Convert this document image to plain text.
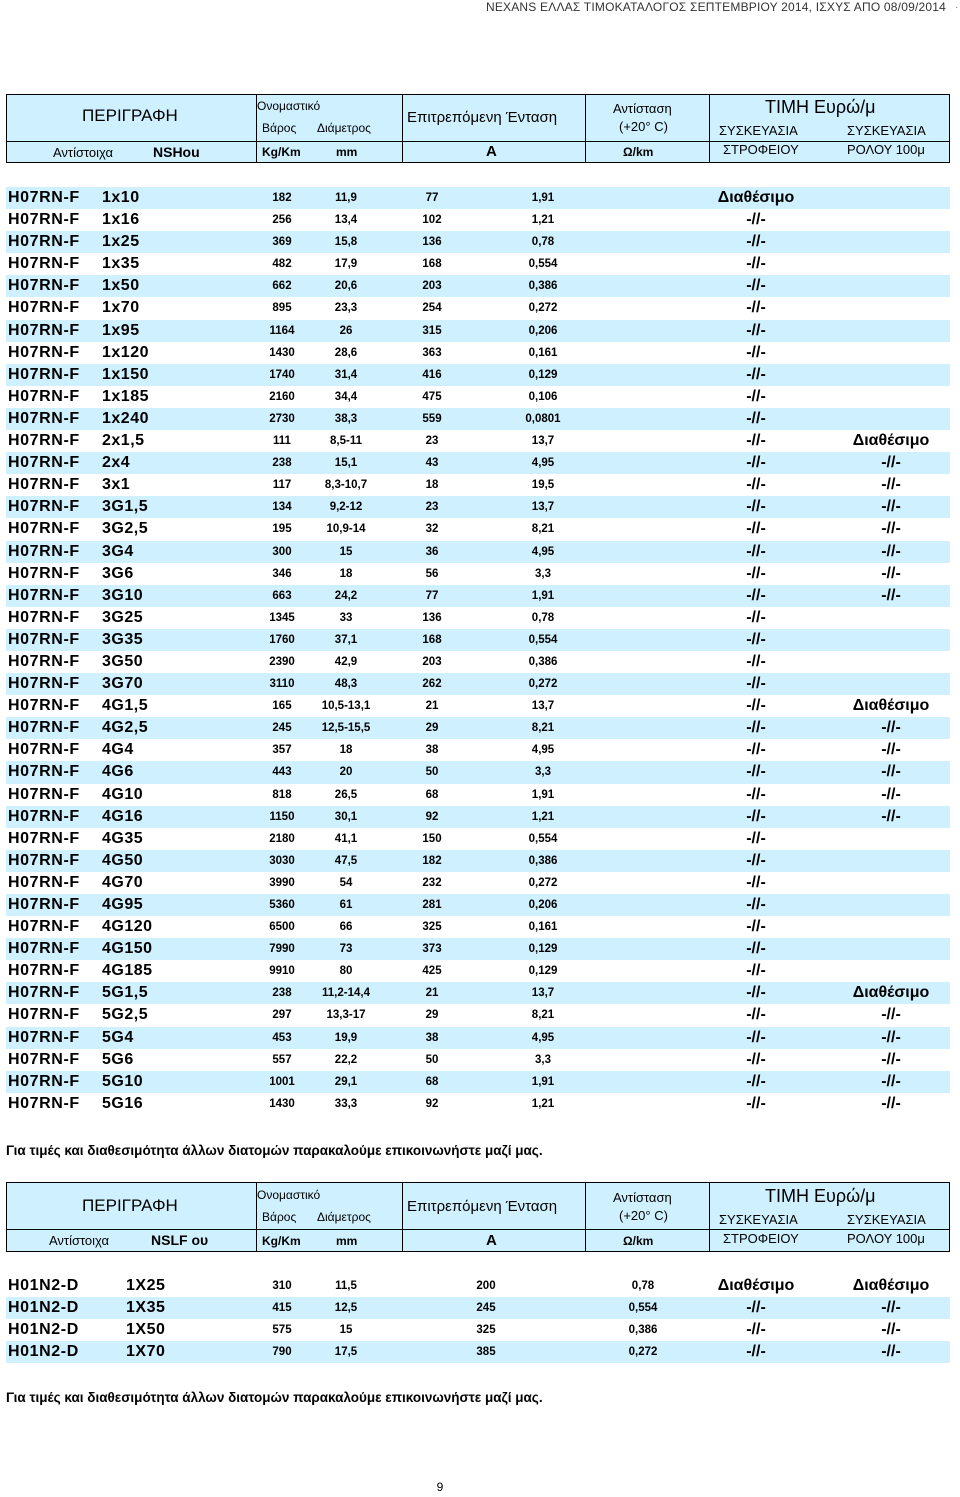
NEXANS ΕΛΛΑΣ ΤΙΜΟΚΑΤΑΛΟΓΟΣ ΣΕΠΤΕΜΒΡΙΟΥ 2014, ΙΣΧΥΣ ΑΠΟ 08/09/2014 .
ΠΕΡΙΓΡΑΦΗ
Αντίστοιχα	NSHou
Ονομαστικό
Βάρος Διάμετρος
Kg/Km	mm
Επιτρεπόμενη Ένταση
A
Αντίσταση
(+20° C)
Ω/km
ΤΙΜΗ Ευρώ/μ
ΣΥΣΚΕΥΑΣΙΑ
ΣΤΡΟΦΕΙΟΥ
ΣΥΣΚΕΥΑΣΙΑ
ΡΟΛΟΥ 100μ
H07RN-F 1x10	182	11,9	77	1,91	Διαθέσιμο
H07RN-F 1x16	256	13,4	102	1,21	-//-
H07RN-F 1x25	369	15,8	136	0,78	-//-
H07RN-F 1x35	482	17,9	168	0,554	-//-
H07RN-F 1x50	662	20,6	203	0,386	-//-
H07RN-F 1x70	895	23,3	254	0,272	-//-
H07RN-F 1x95	1164	26	315	0,206	-//-
H07RN-F 1x120	1430	28,6	363	0,161	-//-
H07RN-F 1x150	1740	31,4	416	0,129	-//-
H07RN-F 1x185	2160	34,4	475	0,106	-//-
H07RN-F 1x240	2730	38,3	559	0,0801	-//-
H07RN-F 2x1,5	111	8,5-11	23	13,7	-//-	Διαθέσιμο
H07RN-F 2x4	238	15,1	43	4,95	-//-	-//-
H07RN-F 3x1	117	8,3-10,7	18	19,5	-//-	-//-
H07RN-F 3G1,5	134	9,2-12	23	13,7	-//-	-//-
H07RN-F 3G2,5	195	10,9-14	32	8,21	-//-	-//-
H07RN-F 3G4	300	15	36	4,95	-//-	-//-
H07RN-F 3G6	346	18	56	3,3	-//-	-//-
H07RN-F 3G10	663	24,2	77	1,91	-//-	-//-
H07RN-F 3G25	1345	33	136	0,78	-//-
H07RN-F 3G35	1760	37,1	168	0,554	-//-
H07RN-F 3G50	2390	42,9	203	0,386	-//-
H07RN-F 3G70	3110	48,3	262	0,272	-//-
H07RN-F 4G1,5	165	10,5-13,1	21	13,7	-//-	Διαθέσιμο
H07RN-F 4G2,5	245	12,5-15,5	29	8,21	-//-	-//-
H07RN-F 4G4	357	18	38	4,95	-//-	-//-
H07RN-F 4G6	443	20	50	3,3	-//-	-//-
H07RN-F 4G10	818	26,5	68	1,91	-//-	-//-
H07RN-F 4G16	1150	30,1	92	1,21	-//-	-//-
H07RN-F 4G35	2180	41,1	150	0,554	-//-
H07RN-F 4G50	3030	47,5	182	0,386	-//-
H07RN-F 4G70	3990	54	232	0,272	-//-
H07RN-F 4G95	5360	61	281	0,206	-//-
H07RN-F 4G120	6500	66	325	0,161	-//-
H07RN-F 4G150	7990	73	373	0,129	-//-
H07RN-F 4G185	9910	80	425	0,129	-//-
H07RN-F 5G1,5	238	11,2-14,4	21	13,7	-//-	Διαθέσιμο
H07RN-F 5G2,5	297	13,3-17	29	8,21	-//-	-//-
H07RN-F 5G4	453	19,9	38	4,95	-//-	-//-
H07RN-F 5G6	557	22,2	50	3,3	-//-	-//-
H07RN-F 5G10	1001	29,1	68	1,91	-//-	-//-
H07RN-F 5G16	1430	33,3	92	1,21	-//-	-//-
Για τιμές και διαθεσιμότητα άλλων διατομών παρακαλούμε επικοινωνήστε μαζί μας.
ΠΕΡΙΓΡΑΦΗ
Αντίστοιχα	NSLF ου
Ονομαστικό
Βάρος Διάμετρος
Kg/Km	mm
Επιτρεπόμενη Ένταση
A
Αντίσταση
(+20° C)
Ω/km
ΤΙΜΗ Ευρώ/μ
ΣΥΣΚΕΥΑΣΙΑ
ΣΤΡΟΦΕΙΟΥ
ΣΥΣΚΕΥΑΣΙΑ
ΡΟΛΟΥ 100μ
H01N2-D	1X25	310	11,5	200	0,78	Διαθέσιμο	Διαθέσιμο
H01N2-D	1X35	415	12,5	245	0,554	-//-	-//-
H01N2-D	1X50	575	15	325	0,386	-//-	-//-
H01N2-D	1X70	790	17,5	385	0,272	-//-	-//-
Για τιμές και διαθεσιμότητα άλλων διατομών παρακαλούμε επικοινωνήστε μαζί μας.
9
